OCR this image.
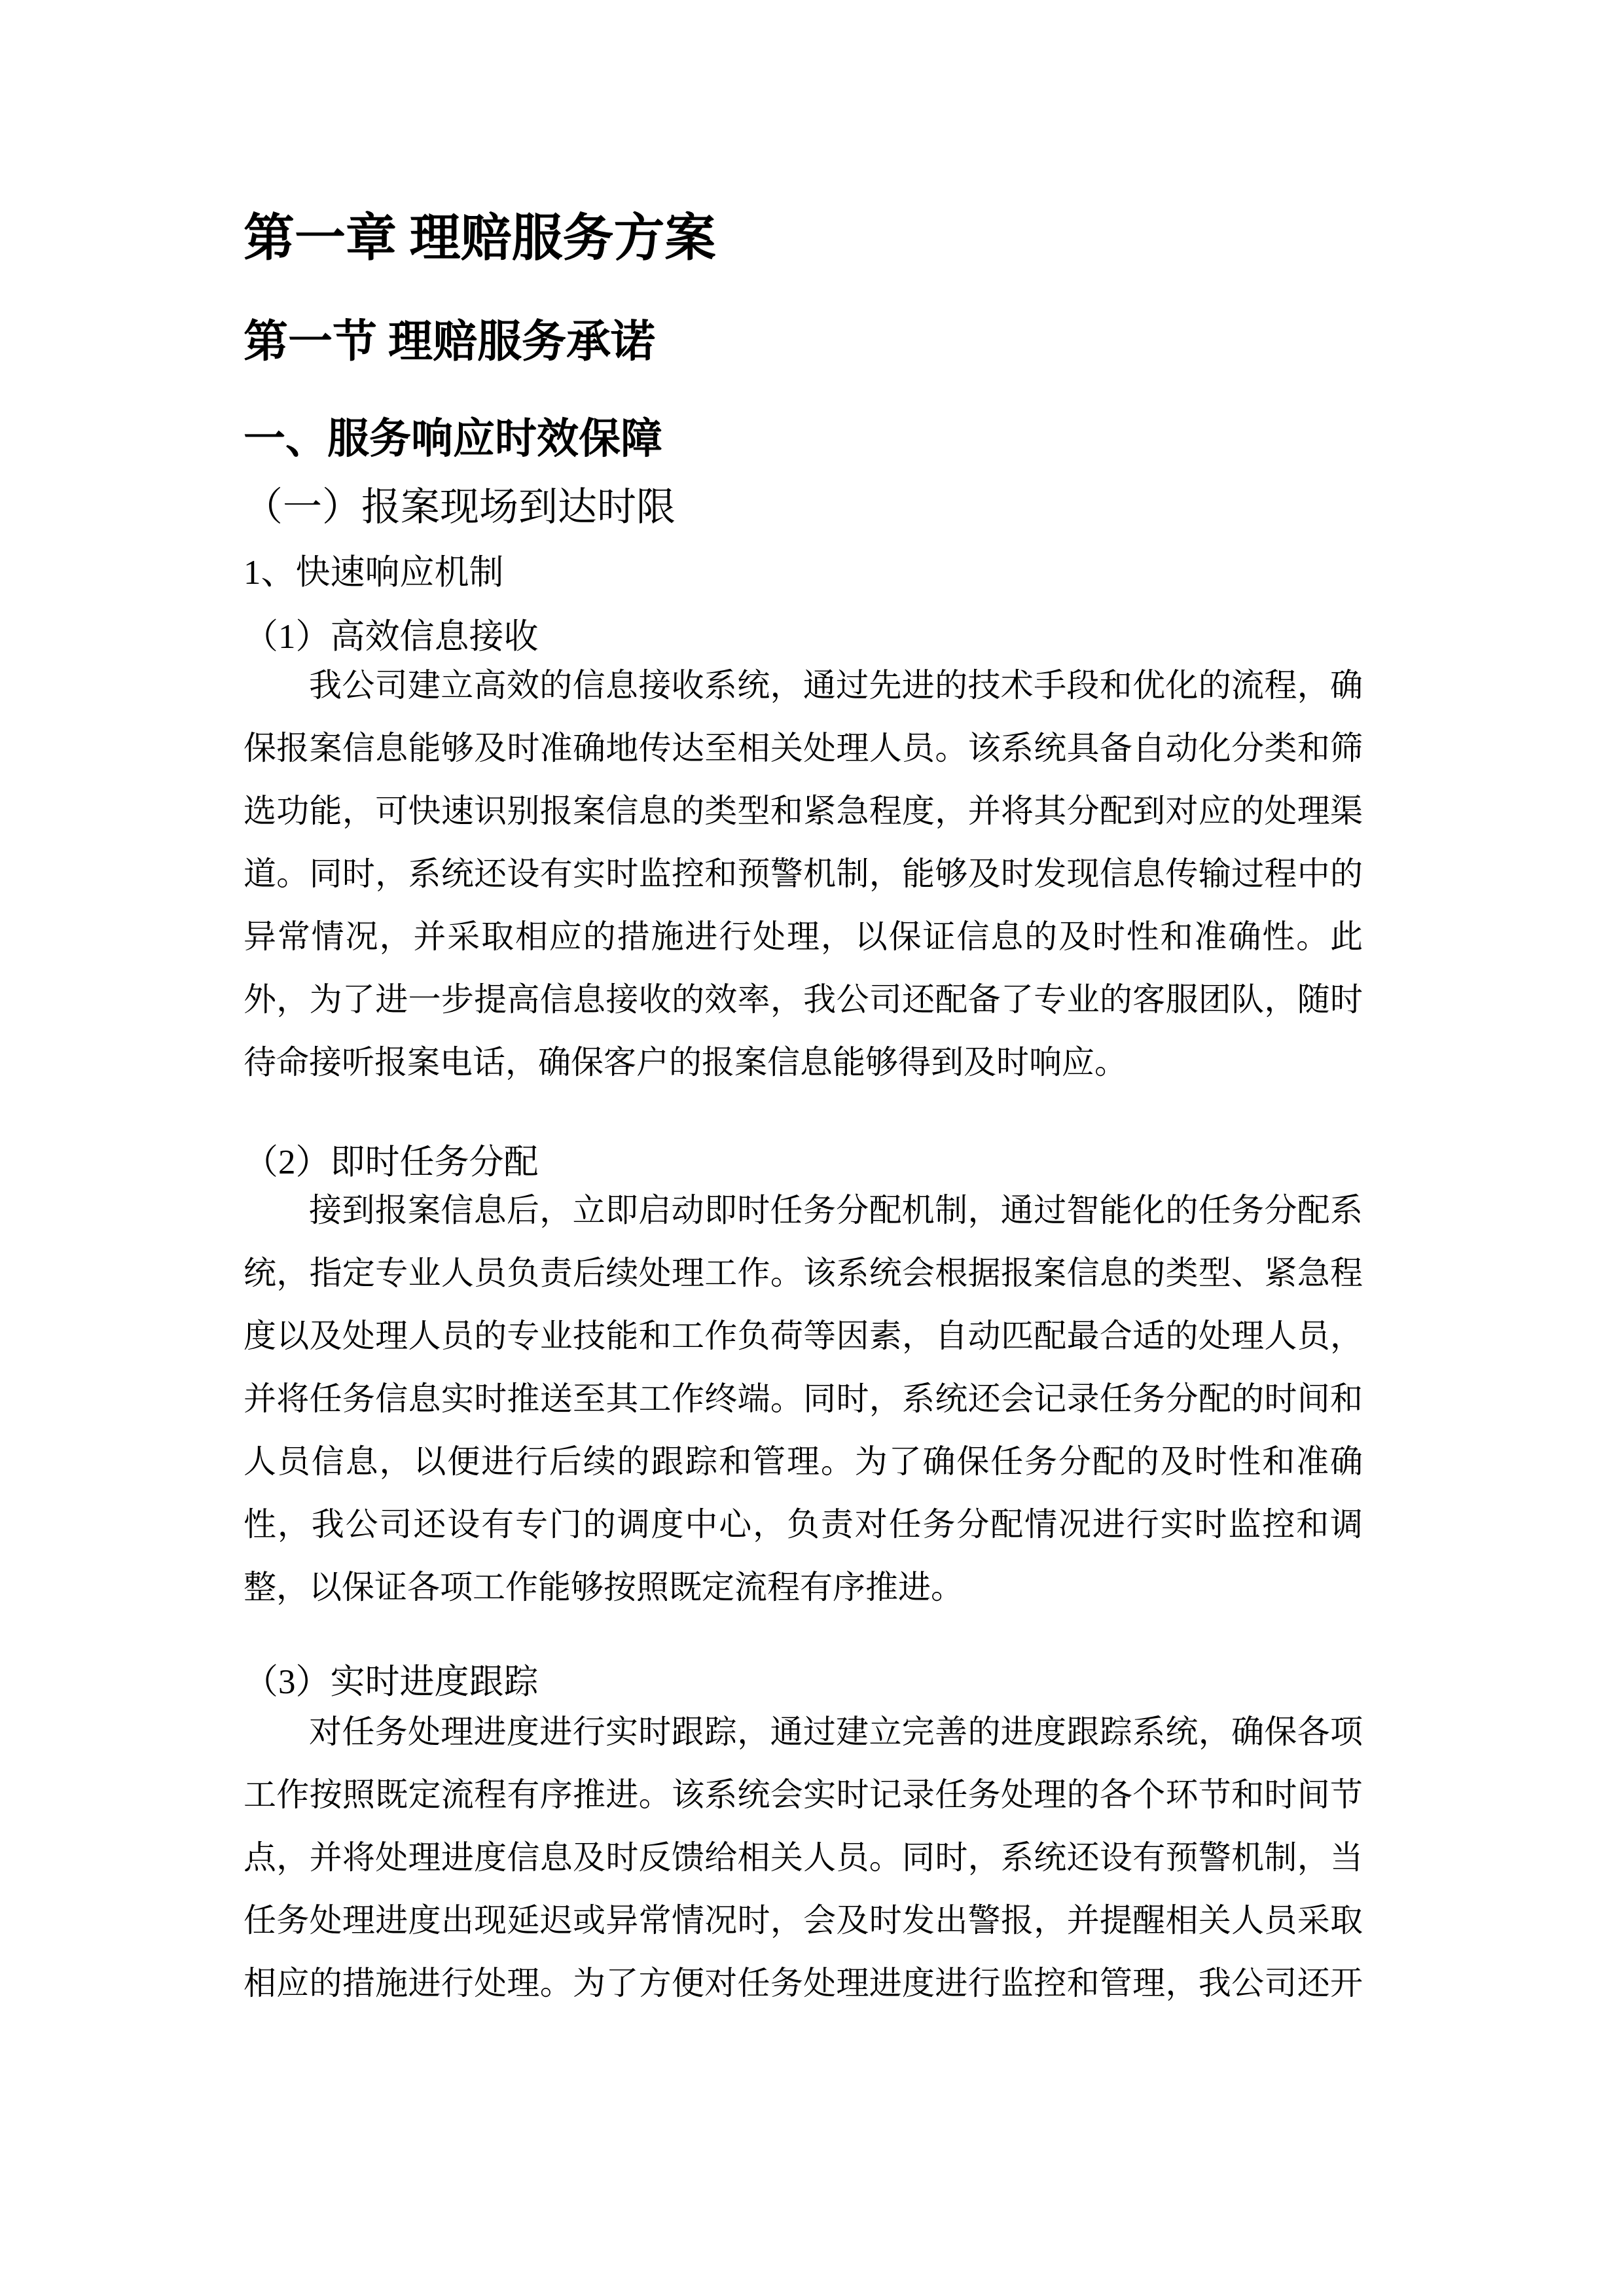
第一章 理赔服务方案
第一节 理赔服务承诺
一、服务响应时效保障
（一）报案现场到达时限
1、快速响应机制
（1）高效信息接收
我公司建立高效的信息接收系统，通过先进的技术手段和优化的流程，确
保报案信息能够及时准确地传达至相关处理人员。该系统具备自动化分类和筛
选功能，可快速识别报案信息的类型和紧急程度，并将其分配到对应的处理渠
道。同时，系统还设有实时监控和预警机制，能够及时发现信息传输过程中的
异常情况，并采取相应的措施进行处理，以保证信息的及时性和准确性。此
外，为了进一步提高信息接收的效率，我公司还配备了专业的客服团队，随时
待命接听报案电话，确保客户的报案信息能够得到及时响应。
（2）即时任务分配
接到报案信息后，立即启动即时任务分配机制，通过智能化的任务分配系
统，指定专业人员负责后续处理工作。该系统会根据报案信息的类型、紧急程
度以及处理人员的专业技能和工作负荷等因素，自动匹配最合适的处理人员，
并将任务信息实时推送至其工作终端。同时，系统还会记录任务分配的时间和
人员信息，以便进行后续的跟踪和管理。为了确保任务分配的及时性和准确
性，我公司还设有专门的调度中心，负责对任务分配情况进行实时监控和调
整，以保证各项工作能够按照既定流程有序推进。
（3）实时进度跟踪
对任务处理进度进行实时跟踪，通过建立完善的进度跟踪系统，确保各项
工作按照既定流程有序推进。该系统会实时记录任务处理的各个环节和时间节
点，并将处理进度信息及时反馈给相关人员。同时，系统还设有预警机制，当
任务处理进度出现延迟或异常情况时，会及时发出警报，并提醒相关人员采取
相应的措施进行处理。为了方便对任务处理进度进行监控和管理，我公司还开
